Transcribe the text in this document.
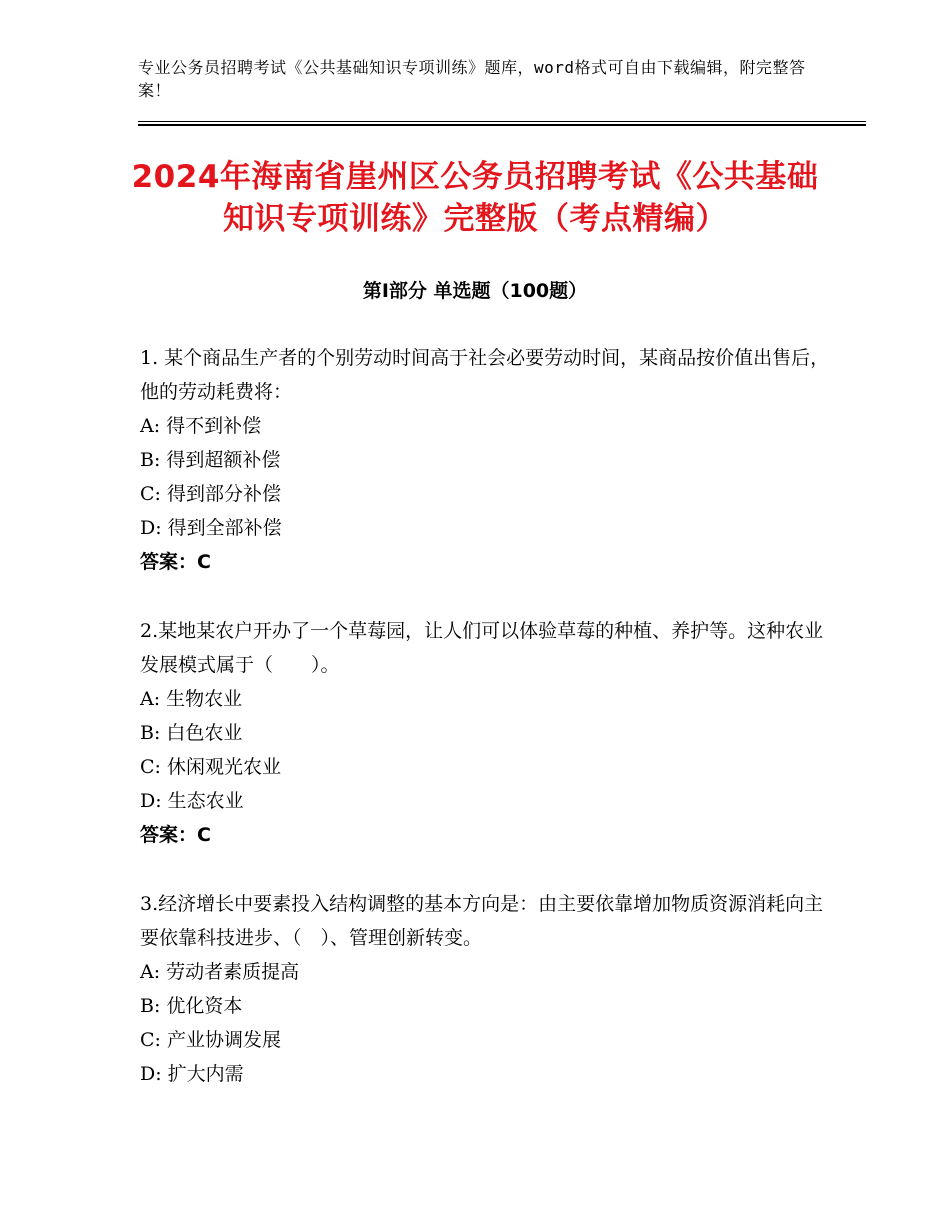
专业公务员招聘考试《公共基础知识专项训练》题库，word格式可自由下载编辑，附完整答案！
2024年海南省崖州区公务员招聘考试《公共基础知识专项训练》完整版（考点精编）
第Ⅰ部分 单选题（100题）

1. 某个商品生产者的个别劳动时间高于社会必要劳动时间，某商品按价值出售后，他的劳动耗费将：

A: 得不到补偿

B: 得到超额补偿

C: 得到部分补偿

D: 得到全部补偿

答案：C

2.某地某农户开办了一个草莓园，让人们可以体验草莓的种植、养护等。这种农业发展模式属于（　　）。

A: 生物农业

B: 白色农业

C: 休闲观光农业

D: 生态农业

答案：C

3.经济增长中要素投入结构调整的基本方向是：由主要依靠增加物质资源消耗向主要依靠科技进步、（　）、管理创新转变。

A: 劳动者素质提高

B: 优化资本

C: 产业协调发展

D: 扩大内需
